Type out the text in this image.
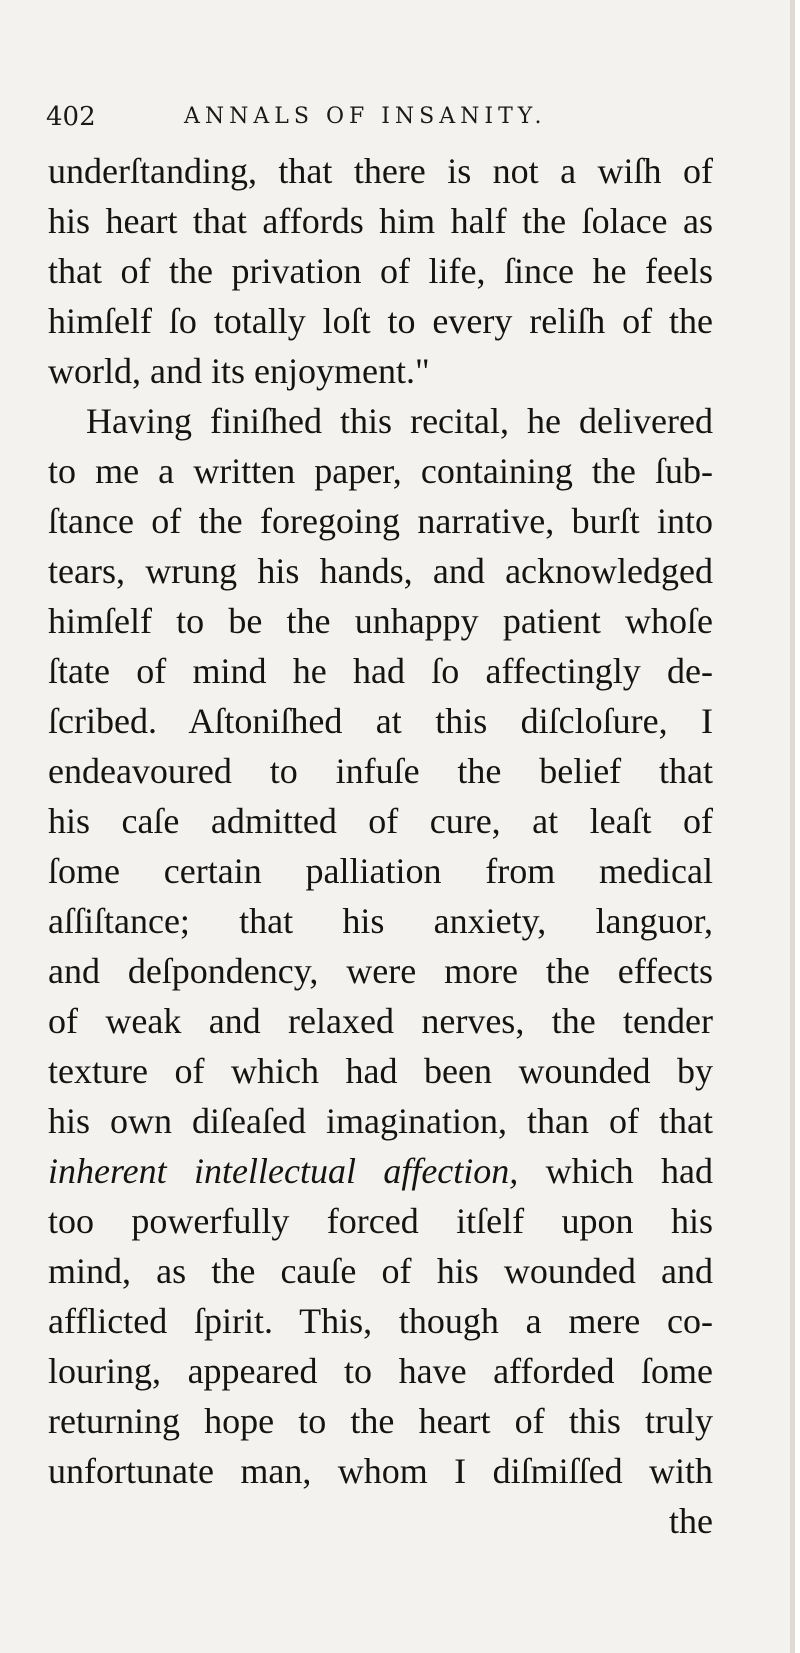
402	ANNALS OF INSANITY.
underſtanding, that there is not a wiſh of
his heart that affords him half the ſolace as
that of the privation of life, ſince he feels
himſelf ſo totally loſt to every reliſh of the
world, and its enjoyment."
Having finiſhed this recital, he delivered
to me a written paper, containing the ſub-
ſtance of the foregoing narrative, burſt into
tears, wrung his hands, and acknowledged
himſelf to be the unhappy patient whoſe
ſtate of mind he had ſo affectingly de-
ſcribed. Aſtoniſhed at this diſcloſure, I
endeavoured to infuſe the belief that
his caſe admitted of cure, at leaſt of
ſome certain palliation from medical
aſſiſtance; that his anxiety, languor,
and deſpondency, were more the effects
of weak and relaxed nerves, the tender
texture of which had been wounded by
his own diſeaſed imagination, than of that
inherent intellectual affection, which had
too powerfully forced itſelf upon his
mind, as the cauſe of his wounded and
afflicted ſpirit. This, though a mere co-
louring, appeared to have afforded ſome
returning hope to the heart of this truly
unfortunate man, whom I diſmiſſed with
the
